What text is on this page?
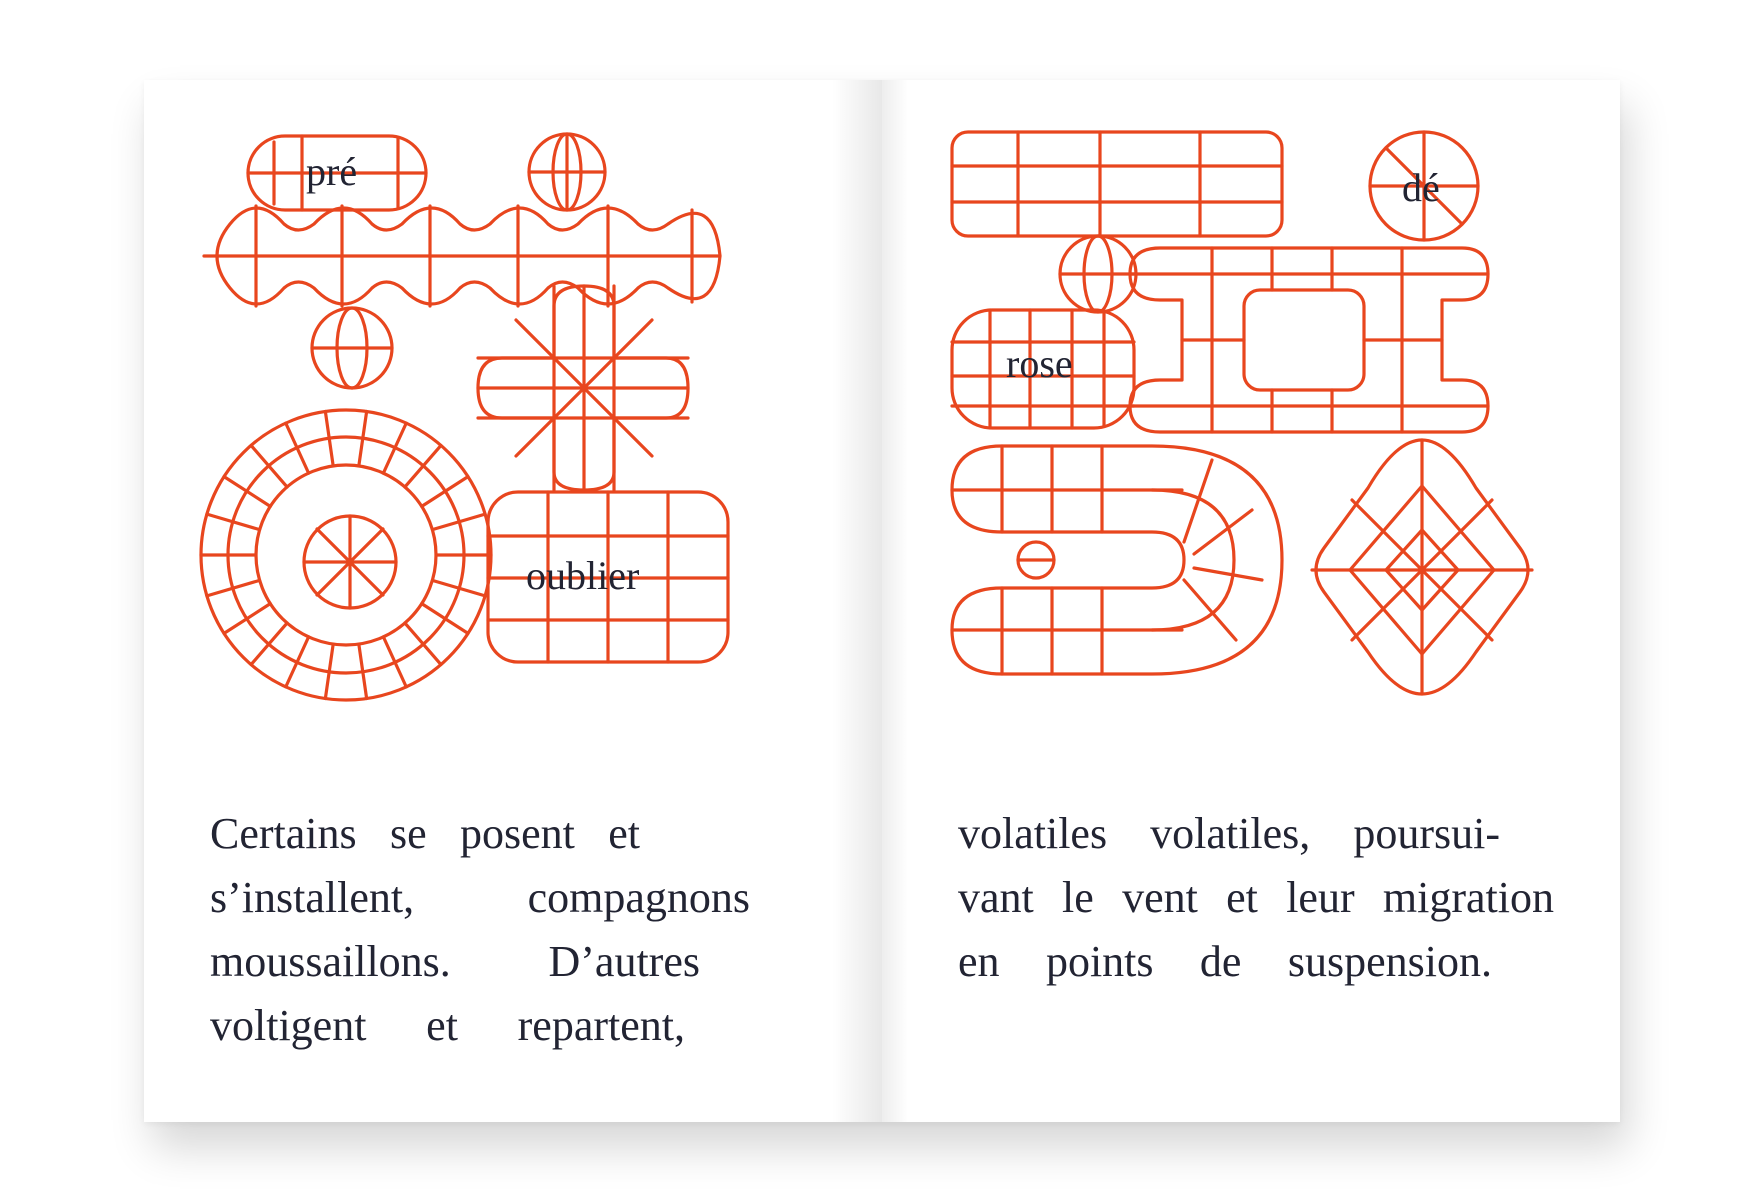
pré
oublier
Certains se posent et
s’installent, compagnons
moussaillons. D’autres
voltigent et repartent,
dé
rose
volatiles volatiles, poursui-
vant le vent et leur migration
en points de suspension.
